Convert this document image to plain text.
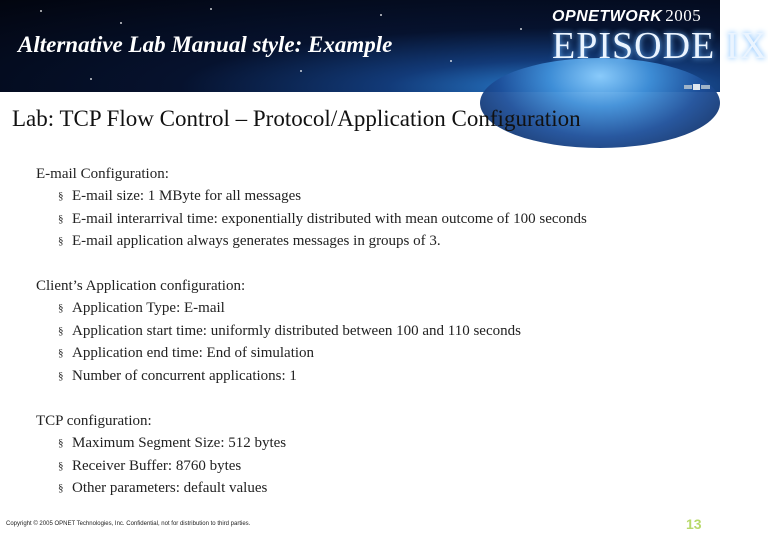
Alternative Lab Manual style: Example
OPNETWORK 2005
EPISODE IX
Lab: TCP Flow Control – Protocol/Application Configuration
E-mail Configuration:
§ E-mail size: 1 MByte for all messages
§ E-mail interarrival time: exponentially distributed with mean outcome of 100 seconds
§ E-mail application always generates messages in groups of 3.
Client’s Application configuration:
§ Application Type: E-mail
§ Application start time: uniformly distributed between 100 and 110 seconds
§ Application end time: End of simulation
§ Number of concurrent applications: 1
TCP configuration:
§ Maximum Segment Size: 512 bytes
§ Receiver Buffer: 8760 bytes
§ Other parameters: default values
Copyright © 2005 OPNET Technologies, Inc. Confidential, not for distribution to third parties.	13
